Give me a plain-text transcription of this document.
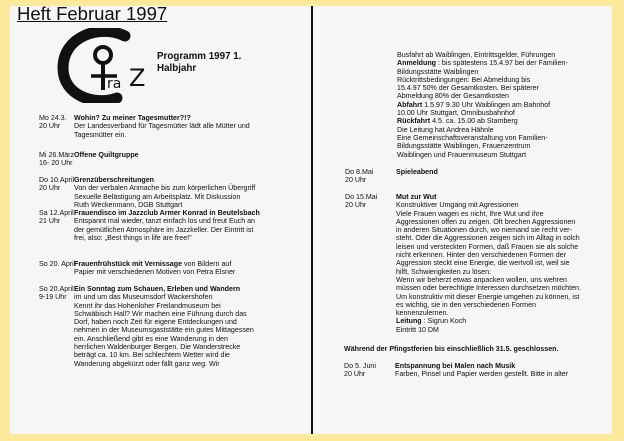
Heft Februar 1997
ra Z
Programm 1997 1.
Halbjahr
Mo 24.3.
20 Uhr
Wohin? Zu meiner Tagesmutter?!?
Der Landesverband für Tagesmütter lädt alle Mütter und
Tagesmütter ein.
Mi 26.März
16- 20 Uhr
Offene Quiltgruppe
Do 10.April
20 Uhr
Grenzüberschreitungen
Von der verbalen Anmache bis zum körperlichen Übergriff
Sexuelle Belästigung am Arbeitsplatz. Mit Diskussion
Ruth Weckenmann, DGB Stuttgart
Sa 12.April
21 Uhr
Frauendisco im Jazzclub Armer Konrad in Beutelsbach
Entspannt mal wieder, tanzt einfach los und freut Euch an
der gemütlichen Atmosphäre im Jazzkeller. Der Eintritt ist
frei, also: „Best things in life are free!"
So 20. April
Frauenfrühstück mit Vernissage von Bildern auf
Papier mit verschiedenen Motiven von Petra Elsner
So 20.April
9-19 Uhr
Ein Sonntag zum Schauen, Erleben und Wandern
im und um das Museumsdorf Wackershofen
Kennt ihr das Hohenloher Freilandmuseum bei
Schwäbisch Hall? Wir machen eine Führung durch das
Dorf, haben noch Zeit für eigene Entdeckungen und
nehmen in der Museumsgaststätte ein gutes Mittagessen
ein. Anschließend gibt es eine Wanderung in den
herrlichen Waldenburger Bergen. Die Wanderstrecke
beträgt ca. 10 km. Bei schlechtem Wetter wird die
Wanderung abgekürzt oder fällt ganz weg. Wir
Busfahrt ab Waiblingen, Eintrittsgelder, Führungen
Anmeldung : bis spätestens 15.4.97 bei der Familien-
Bildungsstätte Waiblingen
Rücktrittsbedingungen: Bei Abmeldung bis
15.4.97 50% der Gesamtkosten. Bei späterer
Abmeldung 80% der Gesamtkosten
Abfahrt 1.5.97 9.30 Uhr Waiblingen am Bahnhof
10.00 Uhr Stuttgart, Omnibusbahnhof
Rückfahrt 4.5. ca. 15.00 ab Stamberg
Die Leitung hat Andrea Hähnle
Eine Gemeinschaftsveranstaltung von Familien-
Bildungsstätte Waiblingen, Frauenzentrum
Waiblingen und Frauenmuseum Stuttgart
Do 8.Mai
20 Uhr
Spieleabend
Do 15.Mai
20 Uhr
Mut zur Wut
Konstruktiver Umgang mit Agressionen
Viele Frauen wagen es nicht, Ihre Wut und ihre
Aggressionen offen zu zeigen. Oft brechen Aggressionen
in anderen Situationen durch, wo niemand sie recht ver-
steht. Oder die Aggressionen zeigen sich im Alltag in solch
leisen und versteckten Formen, daß Frauen sie als solche
nicht erkennen. Hinter den verschiedenen Formen der
Aggression steckt eine Energie, die wertvoll ist, weil sie
hilft, Schwierigkeiten zu lösen:
Wenn wir beherzt etwas anpacken wollen, uns wehren
müssen oder berechtigte Interessen durchsetzen möchten.
Um konstruktiv mit dieser Energie umgehen zu können, ist
es wichtig, sie in den verschiedenen Formen
kennenzulernen.
Leitung : Sigrun Koch
Eintritt 10 DM
Während der Pfingstferien bis einschließlich 31.5. geschlossen.
Do 5. Juni
20 Uhr
Entspannung bei Malen nach Musik
Farben, Pinsel und Papier werden gestellt. Bitte in alter
